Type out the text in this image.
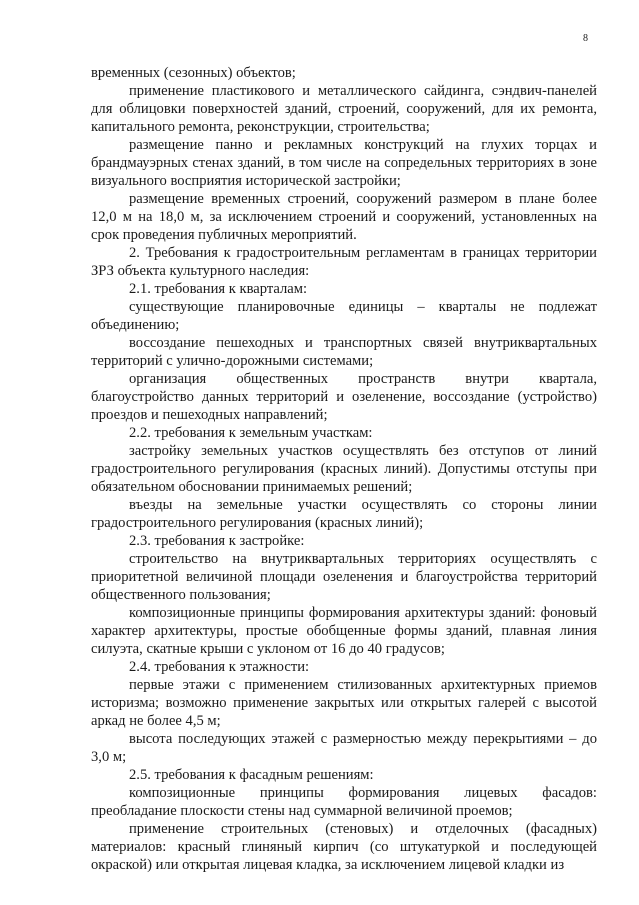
8

временных (сезонных) объектов;

применение пластикового и металлического сайдинга, сэндвич-панелей для облицовки поверхностей зданий, строений, сооружений, для их ремонта, капитального ремонта, реконструкции, строительства;

размещение панно и рекламных конструкций на глухих торцах и брандмауэрных стенах зданий, в том числе на сопредельных территориях в зоне визуального восприятия исторической застройки;

размещение временных строений, сооружений размером в плане более 12,0 м на 18,0 м, за исключением строений и сооружений, установленных на срок проведения публичных мероприятий.

2. Требования к градостроительным регламентам в границах территории ЗРЗ объекта культурного наследия:

2.1. требования к кварталам:

существующие планировочные единицы – кварталы не подлежат объединению;

воссоздание пешеходных и транспортных связей внутриквартальных территорий с улично-дорожными системами;

организация общественных пространств внутри квартала, благоустройство данных территорий и озеленение, воссоздание (устройство) проездов и пешеходных направлений;

2.2. требования к земельным участкам:

застройку земельных участков осуществлять без отступов от линий градостроительного регулирования (красных линий). Допустимы отступы при обязательном обосновании принимаемых решений;

въезды на земельные участки осуществлять со стороны линии градостроительного регулирования (красных линий);

2.3. требования к застройке:

строительство на внутриквартальных территориях осуществлять с приоритетной величиной площади озеленения и благоустройства территорий общественного пользования;

композиционные принципы формирования архитектуры зданий: фоновый характер архитектуры, простые обобщенные формы зданий, плавная линия силуэта, скатные крыши с уклоном от 16 до 40 градусов;

2.4. требования к этажности:

первые этажи с применением стилизованных архитектурных приемов историзма; возможно применение закрытых или открытых галерей с высотой аркад не более 4,5 м;

высота последующих этажей с размерностью между перекрытиями – до 3,0 м;

2.5. требования к фасадным решениям:

композиционные принципы формирования лицевых фасадов: преобладание плоскости стены над суммарной величиной проемов;

применение строительных (стеновых) и отделочных (фасадных) материалов: красный глиняный кирпич (со штукатуркой и последующей окраской) или открытая лицевая кладка, за исключением лицевой кладки из
